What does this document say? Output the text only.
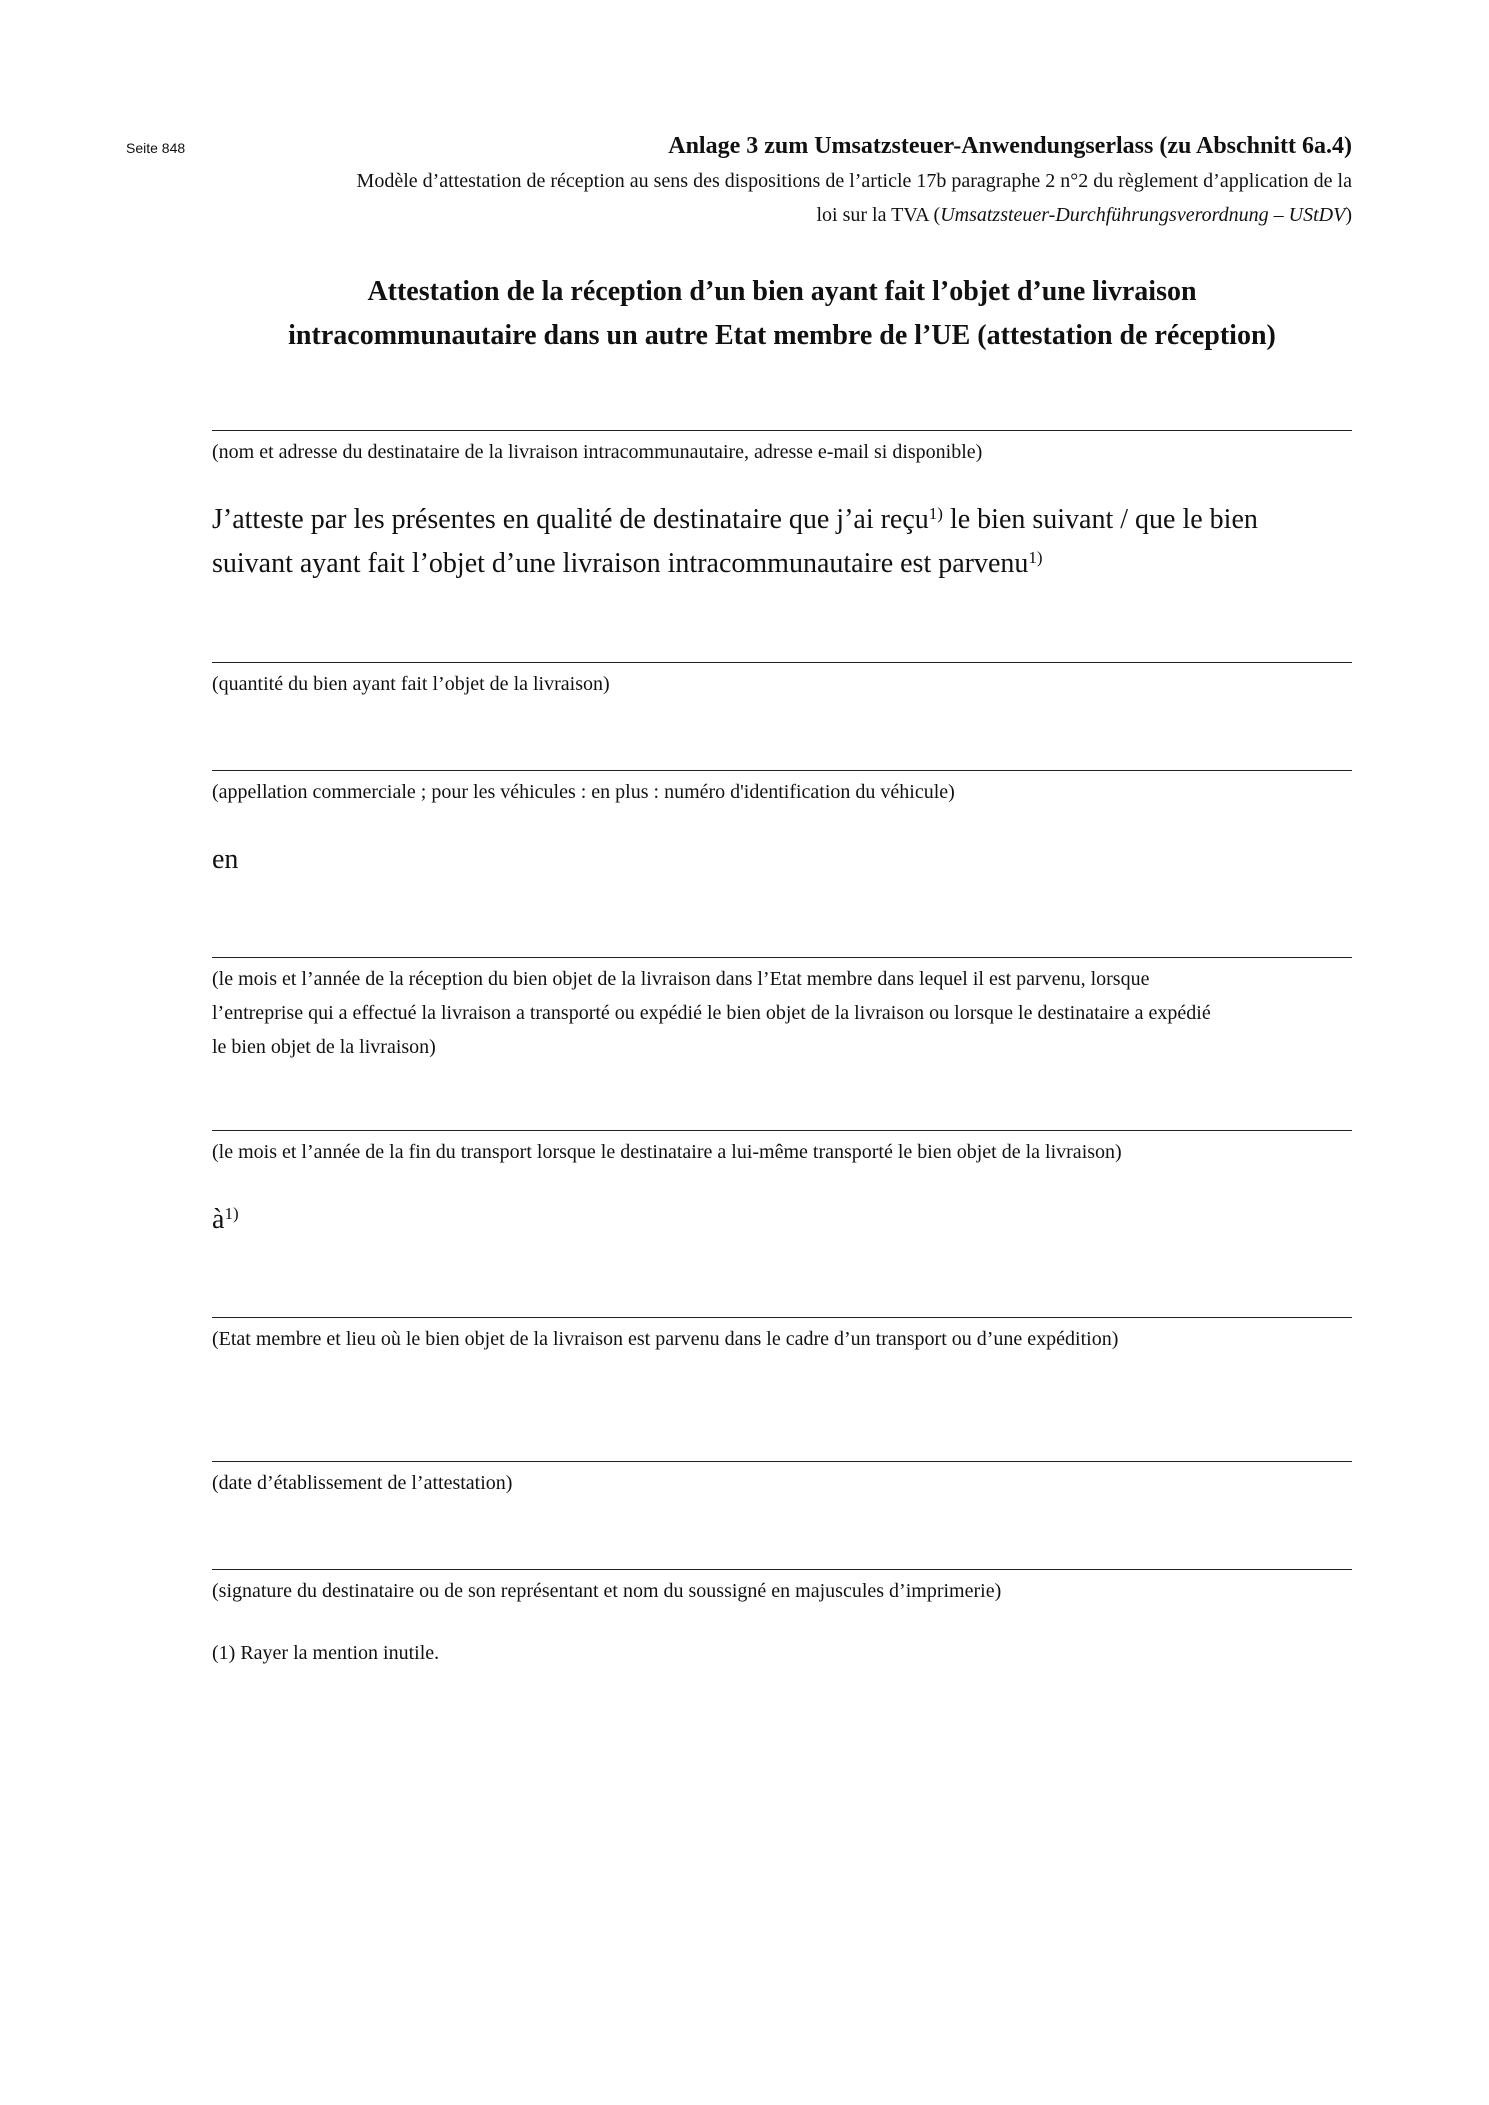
Seite 848	Anlage 3 zum Umsatzsteuer-Anwendungserlass (zu Abschnitt 6a.4)
Modèle d’attestation de réception au sens des dispositions de l’article 17b paragraphe 2 n°2 du règlement d’application de la
loi sur la TVA (Umsatzsteuer-Durchführungsverordnung – UStDV)
Attestation de la réception d’un bien ayant fait l’objet d’une livraison
intracommunautaire dans un autre Etat membre de l’UE (attestation de réception)
(nom et adresse du destinataire de la livraison intracommunautaire, adresse e-mail si disponible)
J’atteste par les présentes en qualité de destinataire que j’ai reçu$^{1)}$ le bien suivant / que le bien
suivant ayant fait l’objet d’une livraison intracommunautaire est parvenu$^{1)}$
(quantité du bien ayant fait l’objet de la livraison)
(appellation commerciale ; pour les véhicules : en plus : numéro d'identification du véhicule)
en
(le mois et l’année de la réception du bien objet de la livraison dans l’Etat membre dans lequel il est parvenu, lorsque
l’entreprise qui a effectué la livraison a transporté ou expédié le bien objet de la livraison ou lorsque le destinataire a expédié
le bien objet de la livraison)
(le mois et l’année de la fin du transport lorsque le destinataire a lui-même transporté le bien objet de la livraison)
$à^{1)}$
(Etat membre et lieu où le bien objet de la livraison est parvenu dans le cadre d’un transport ou d’une expédition)
(date d’établissement de l’attestation)
(signature du destinataire ou de son représentant et nom du soussigné en majuscules d’imprimerie)
(1) Rayer la mention inutile.
